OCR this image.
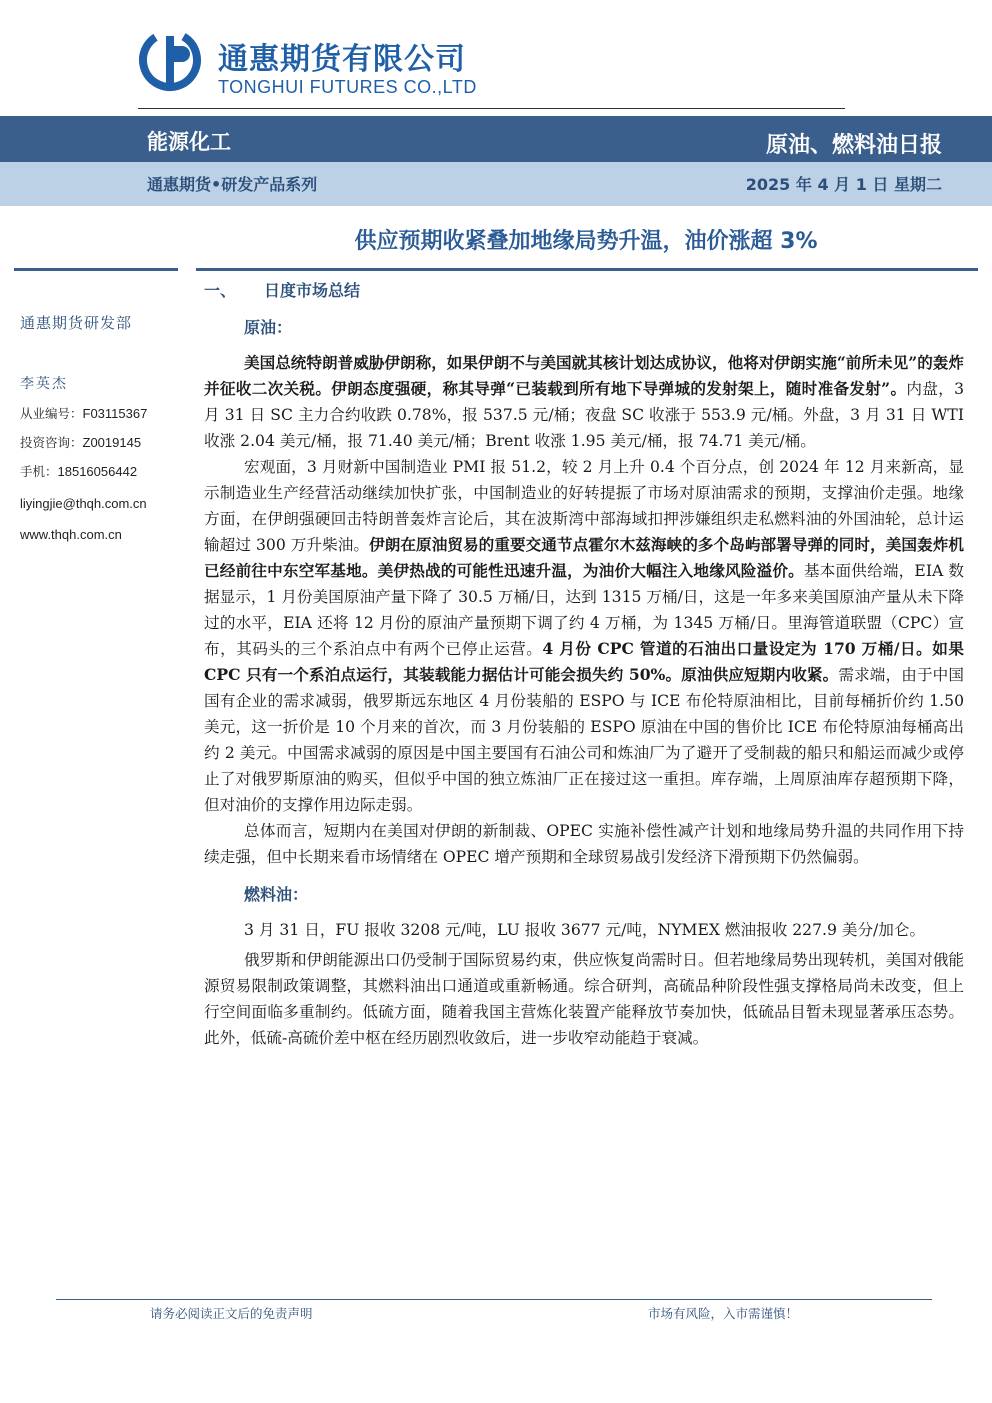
通惠期货有限公司
TONGHUI FUTURES CO.,LTD
能源化工	原油、燃料油日报
通惠期货•研发产品系列	2025 年 4 月 1 日 星期二
供应预期收紧叠加地缘局势升温，油价涨超 3%
通惠期货研发部
李英杰
从业编号：F03115367
投资咨询：Z0019145
手机：18516056442
liyingjie@thqh.com.cn
www.thqh.com.cn
一、 日度市场总结
原油：

美国总统特朗普威胁伊朗称，如果伊朗不与美国就其核计划达成协议，他将对伊朗实施“前所未见”的轰炸并征收二次关税。伊朗态度强硬，称其导弹“已装载到所有地下导弹城的发射架上，随时准备发射”。内盘，3 月 31 日 SC 主力合约收跌 0.78%，报 537.5 元/桶；夜盘 SC 收涨于 553.9 元/桶。外盘，3 月 31 日 WTI 收涨 2.04 美元/桶，报 71.40 美元/桶；Brent 收涨 1.95 美元/桶，报 74.71 美元/桶。

宏观面，3 月财新中国制造业 PMI 报 51.2，较 2 月上升 0.4 个百分点，创 2024 年 12 月来新高，显示制造业生产经营活动继续加快扩张，中国制造业的好转提振了市场对原油需求的预期，支撑油价走强。地缘方面，在伊朗强硬回击特朗普轰炸言论后，其在波斯湾中部海域扣押涉嫌组织走私燃料油的外国油轮，总计运输超过 300 万升柴油。伊朗在原油贸易的重要交通节点霍尔木兹海峡的多个岛屿部署导弹的同时，美国轰炸机已经前往中东空军基地。美伊热战的可能性迅速升温，为油价大幅注入地缘风险溢价。基本面供给端，EIA 数据显示，1 月份美国原油产量下降了 30.5 万桶/日，达到 1315 万桶/日，这是一年多来美国原油产量从未下降过的水平，EIA 还将 12 月份的原油产量预期下调了约 4 万桶，为 1345 万桶/日。里海管道联盟（CPC）宣布，其码头的三个系泊点中有两个已停止运营。4 月份 CPC 管道的石油出口量设定为 170 万桶/日。如果 CPC 只有一个系泊点运行，其装载能力据估计可能会损失约 50%。原油供应短期内收紧。需求端，由于中国国有企业的需求减弱，俄罗斯远东地区 4 月份装船的 ESPO 与 ICE 布伦特原油相比，目前每桶折价约 1.50 美元，这一折价是 10 个月来的首次，而 3 月份装船的 ESPO 原油在中国的售价比 ICE 布伦特原油每桶高出约 2 美元。中国需求减弱的原因是中国主要国有石油公司和炼油厂为了避开了受制裁的船只和船运而减少或停止了对俄罗斯原油的购买，但似乎中国的独立炼油厂正在接过这一重担。库存端，上周原油库存超预期下降，但对油价的支撑作用边际走弱。

总体而言，短期内在美国对伊朗的新制裁、OPEC 实施补偿性减产计划和地缘局势升温的共同作用下持续走强，但中长期来看市场情绪在 OPEC 增产预期和全球贸易战引发经济下滑预期下仍然偏弱。

燃料油：

3 月 31 日，FU 报收 3208 元/吨，LU 报收 3677 元/吨，NYMEX 燃油报收 227.9 美分/加仑。

俄罗斯和伊朗能源出口仍受制于国际贸易约束，供应恢复尚需时日。但若地缘局势出现转机，美国对俄能源贸易限制政策调整，其燃料油出口通道或重新畅通。综合研判，高硫品种阶段性强支撑格局尚未改变，但上行空间面临多重制约。低硫方面，随着我国主营炼化装置产能释放节奏加快，低硫品目暂未现显著承压态势。此外，低硫-高硫价差中枢在经历剧烈收敛后，进一步收窄动能趋于衰减。

请务必阅读正文后的免责声明	市场有风险，入市需谨慎！
